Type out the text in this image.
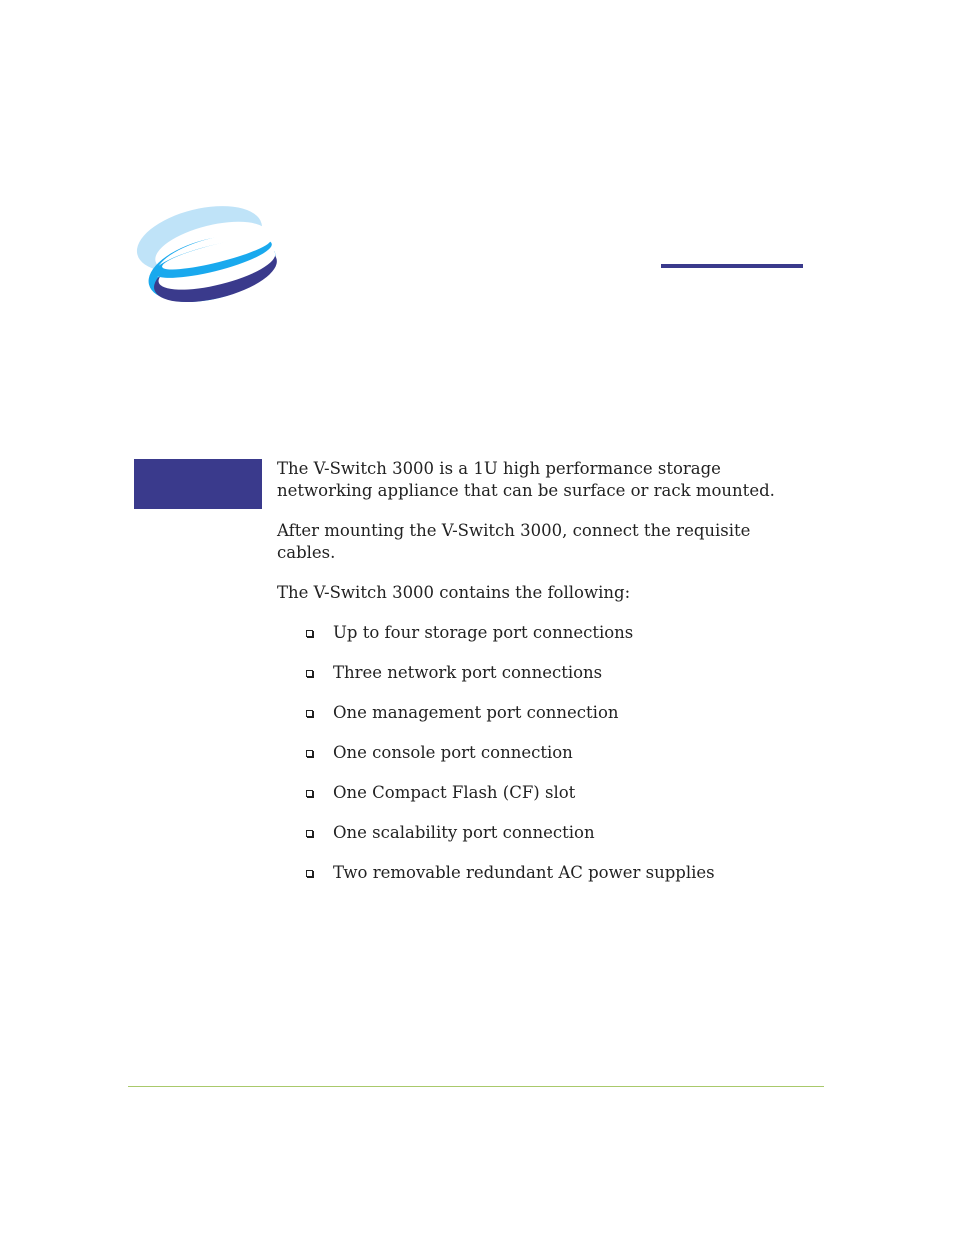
The V-Switch 3000 is a 1U high performance storage networking appliance that can be surface or rack mounted.

After mounting the V-Switch 3000, connect the requisite cables.

The V-Switch 3000 contains the following:

Up to four storage port connections
Three network port connections
One management port connection
One console port connection
One Compact Flash (CF) slot
One scalability port connection
Two removable redundant AC power supplies
